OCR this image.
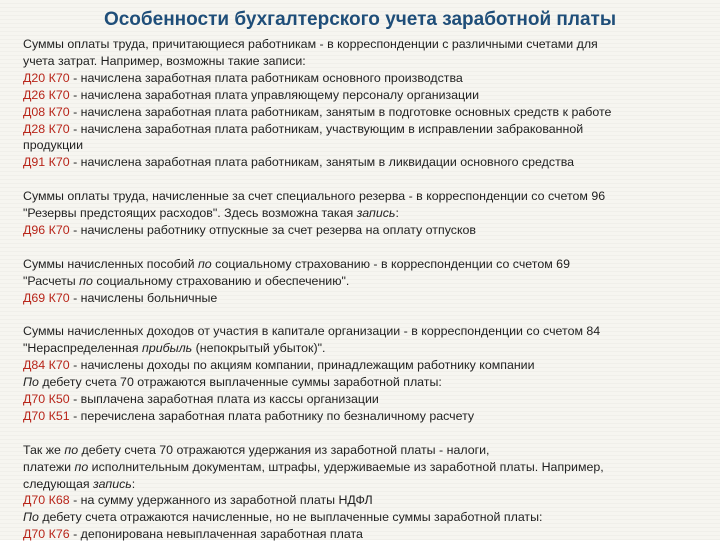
Особенности бухгалтерского учета заработной платы
Суммы оплаты труда, причитающиеся работникам - в корреспонденции с различными счетами для
учета затрат. Например, возможны такие записи:
Д20 К70 - начислена заработная плата работникам основного производства
Д26 К70 - начислена заработная плата управляющему персоналу организации
Д08 К70 - начислена заработная плата работникам, занятым в подготовке основных средств к работе
Д28 К70 - начислена заработная плата работникам, участвующим в исправлении забракованной
продукции
Д91 К70 - начислена заработная плата работникам, занятым в ликвидации основного средства
Суммы оплаты труда, начисленные за счет специального резерва - в корреспонденции со счетом 96
"Резервы предстоящих расходов". Здесь возможна такая запись:
Д96 К70 - начислены работнику отпускные за счет резерва на оплату отпусков
Суммы начисленных пособий по социальному страхованию - в корреспонденции со счетом 69
"Расчеты по социальному страхованию и обеспечению".
Д69 К70 - начислены больничные
Суммы начисленных доходов от участия в капитале организации - в корреспонденции со счетом 84
"Нераспределенная прибыль (непокрытый убыток)".
Д84 К70 - начислены доходы по акциям компании, принадлежащим работнику компании
По дебету счета 70 отражаются выплаченные суммы заработной платы:
Д70 К50 - выплачена заработная плата из кассы организации
Д70 К51 - перечислена заработная плата работнику по безналичному расчету
Так же по дебету счета 70 отражаются удержания из заработной платы - налоги,
платежи по исполнительным документам, штрафы, удерживаемые из заработной платы. Например,
следующая запись:
Д70 К68 - на сумму удержанного из заработной платы НДФЛ
По дебету счета отражаются начисленные, но не выплаченные суммы заработной платы:
Д70 К76 - депонирована невыплаченная заработная плата
